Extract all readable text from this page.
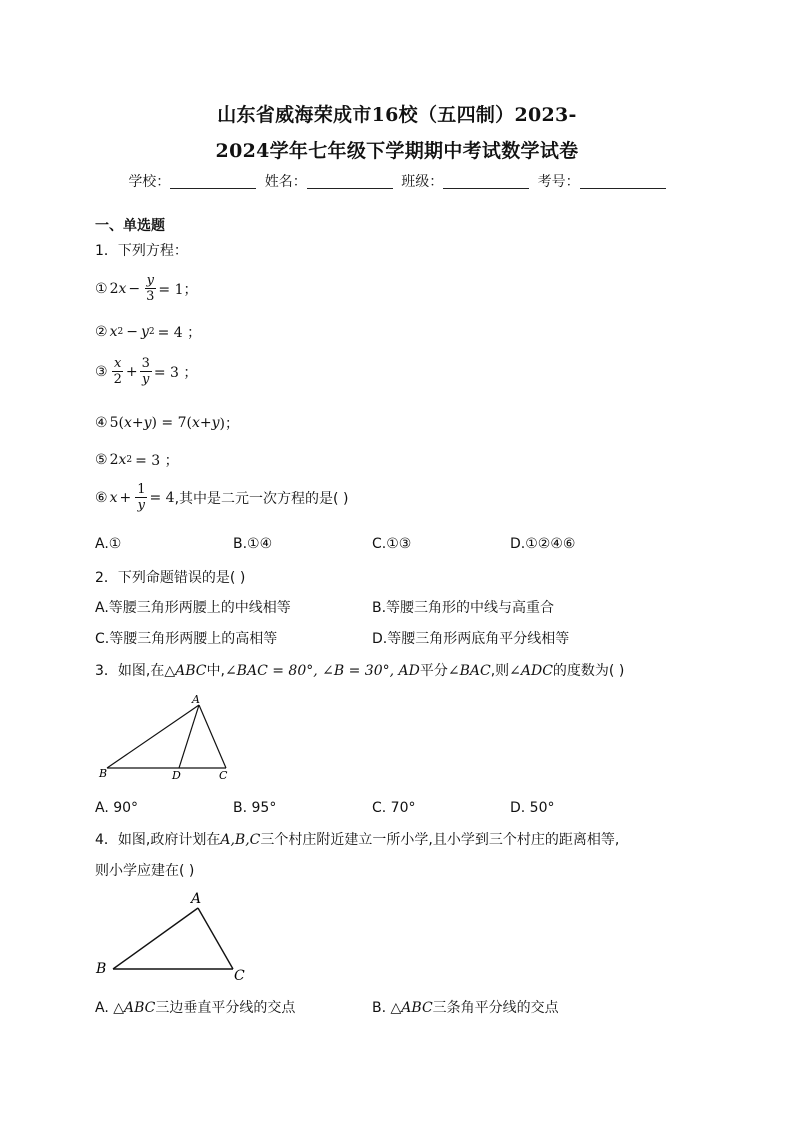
山东省威海荣成市16校（五四制）2023-
2024学年七年级下学期期中考试数学试卷
学校：	姓名：	班级：	考号：
一、单选题
1．下列方程：
① 2 $x - \frac{y}{3} = 1$；
② x 2 − y 2 = 4 ；
③ $\frac{x}{2} + \frac{3}{y} = 3$ ；
④ 5( x+y ) = 7( x+y )；
⑤ 2 x 2 = 3 ；
⑥ $x + \frac{1}{y} = 4$ ,其中是二元一次方程的是( )
A.①	B.①④	C.①③	D.①②④⑥
2．下列命题错误的是( )
A.等腰三角形两腰上的中线相等	B.等腰三角形的中线与高重合
C.等腰三角形两腰上的高相等	D.等腰三角形两底角平分线相等
3．如图,在△ABC中,∠BAC = 80°, ∠B = 30°, AD平分∠BAC,则∠ADC的度数为( )
A
B	D	C
A. 90°	B. 95°	C. 70°	D. 50°
4．如图,政府计划在A,B,C三个村庄附近建立一所小学,且小学到三个村庄的距离相等,
则小学应建在( )
A
B	C
A. △ABC三边垂直平分线的交点	B. △ABC三条角平分线的交点
